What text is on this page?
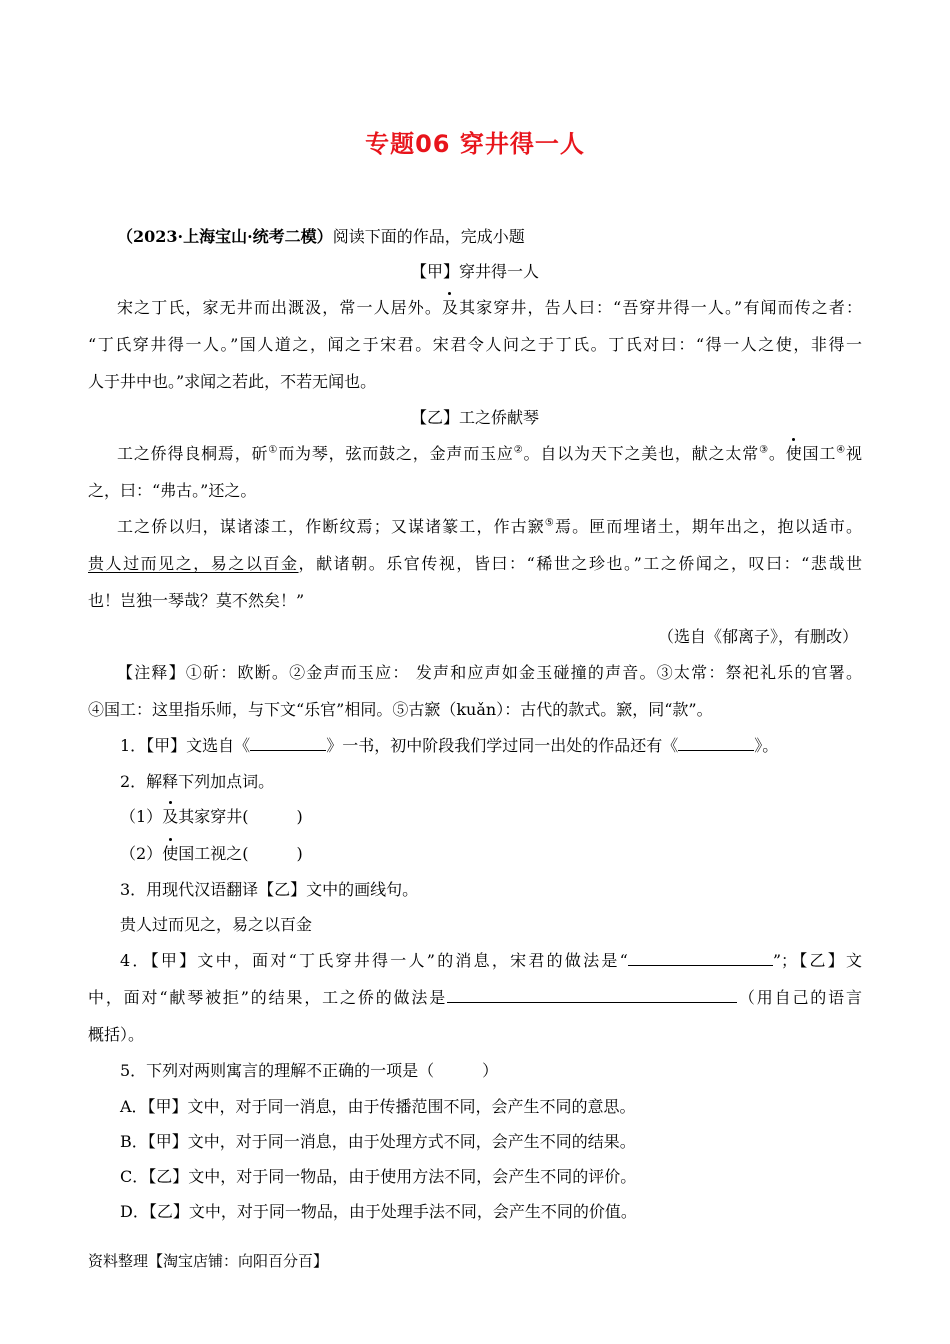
专题06 穿井得一人
（2023·上海宝山·统考二模）阅读下面的作品，完成小题
【甲】穿井得一人
宋之丁氏，家无井而出溉汲，常一人居外。及其家穿井，告人曰：“吾穿井得一人。”有闻而传之者：
“丁氏穿井得一人。”国人道之，闻之于宋君。宋君令人问之于丁氏。丁氏对曰：“得一人之使，非得一
人于井中也。”求闻之若此，不若无闻也。
【乙】工之侨献琴
工之侨得良桐焉，斫①而为琴，弦而鼓之，金声而玉应②。自以为天下之美也，献之太常③。使国工④视
之，曰：“弗古。”还之。
工之侨以归，谋诸漆工，作断纹焉；又谋诸篆工，作古窾⑤焉。匣而埋诸土，期年出之，抱以适市。
贵人过而见之，易之以百金，献诸朝。乐官传视，皆曰：“稀世之珍也。”工之侨闻之，叹曰：“悲哉世
也！岂独一琴哉？莫不然矣！”
（选自《郁离子》，有删改）
【注释】①斫：欧断。②金声而玉应： 发声和应声如金玉碰撞的声音。③太常：祭祀礼乐的官署。
④国工：这里指乐师，与下文“乐官”相同。⑤古窾（kuǎn）：古代的款式。窾，同“款”。
1．【甲】文选自《	》一书，初中阶段我们学过同一出处的作品还有《	》。
2．解释下列加点词。
（1）及其家穿井(　　　)
（2）使国工视之(　　　)
3．用现代汉语翻译【乙】文中的画线句。
贵人过而见之，易之以百金
4．【甲】文中，面对“丁氏穿井得一人”的消息，宋君的做法是“	”；【乙】文
中，面对“献琴被拒”的结果，工之侨的做法是	（用自己的语言
概括）。
5．下列对两则寓言的理解不正确的一项是（　　　）
A．【甲】文中，对于同一消息，由于传播范围不同，会产生不同的意思。
B．【甲】文中，对于同一消息，由于处理方式不同，会产生不同的结果。
C．【乙】文中，对于同一物品，由于使用方法不同，会产生不同的评价。
D．【乙】文中，对于同一物品，由于处理手法不同，会产生不同的价值。
资料整理【淘宝店铺：向阳百分百】
